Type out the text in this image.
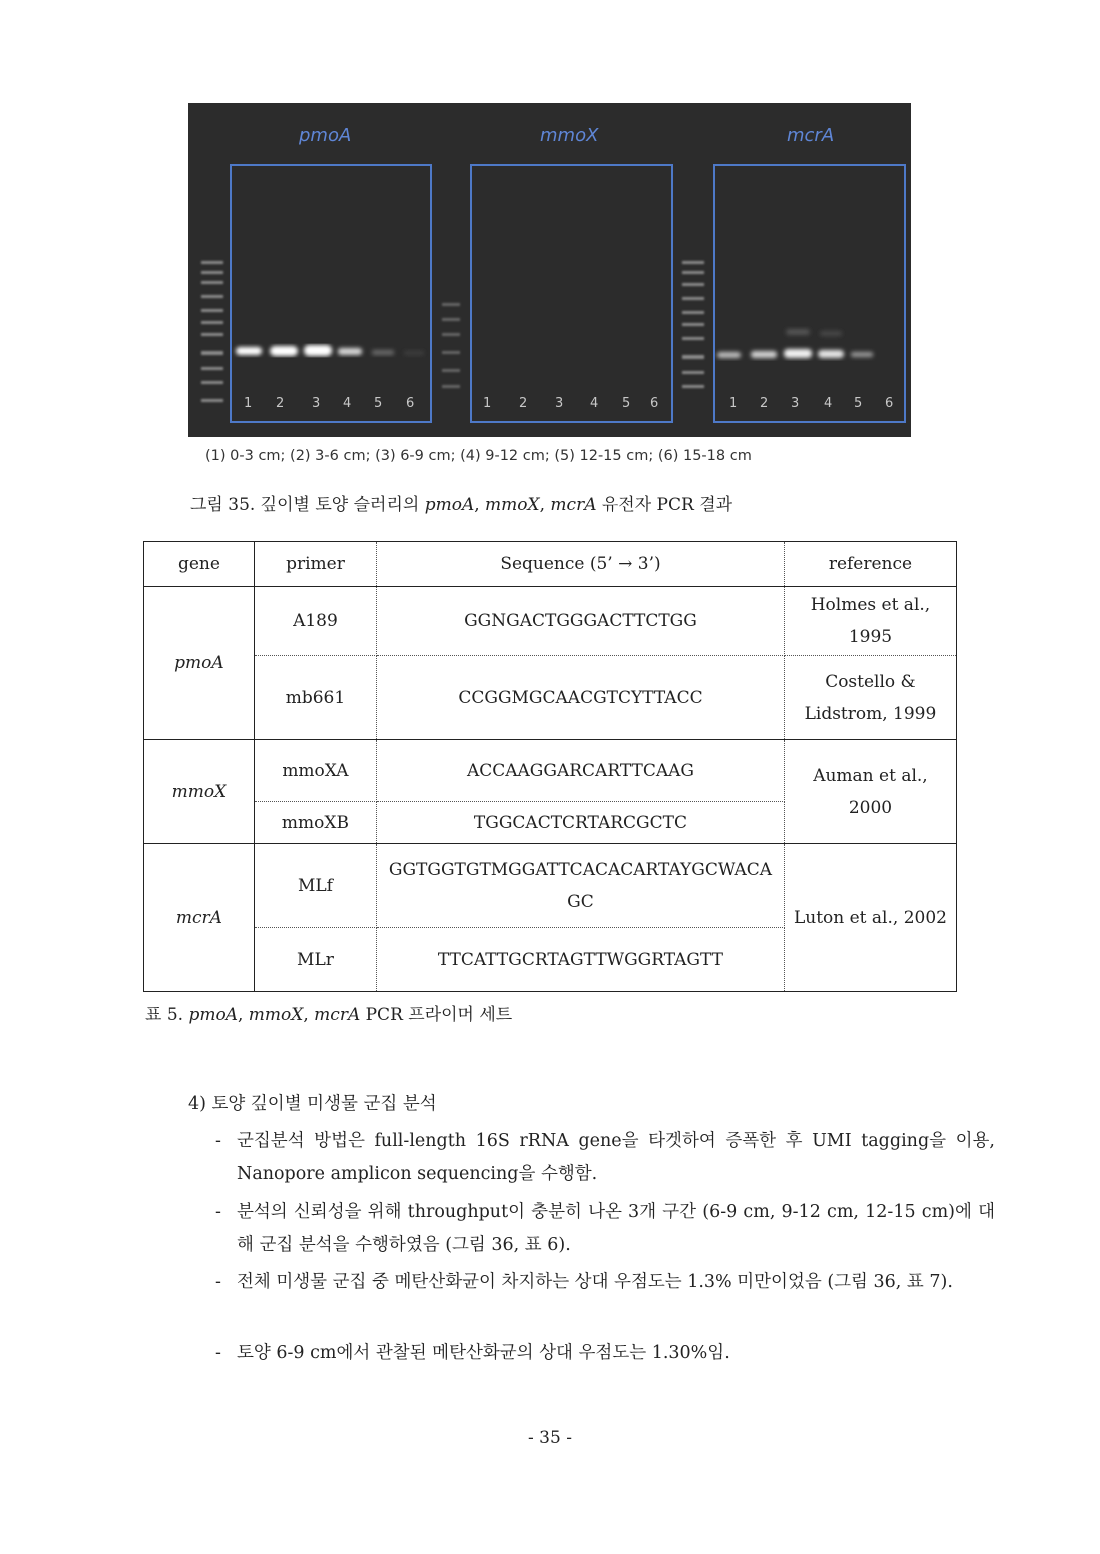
pmoA	mmoX	mcrA
1 2 3 4 5 6	1 2 3 4 5 6	1 2 3 4 5 6
(1) 0-3 cm; (2) 3-6 cm; (3) 6-9 cm; (4) 9-12 cm; (5) 12-15 cm; (6) 15-18 cm
그림 35. 깊이별 토양 슬러리의 pmoA, mmoX, mcrA 유전자 PCR 결과
gene	primer	Sequence (5’ → 3’)	reference
pmoA	A189	GGNGACTGGGACTTCTGG	Holmes et al., 1995
	mb661	CCGGMGCAACGTCYTTACC	Costello & Lidstrom, 1999
mmoX	mmoXA	ACCAAGGARCARTTCAAG	Auman et al., 2000
	mmoXB	TGGCACTCRTARCGCTC	
mcrA	MLf	GGTGGTGTMGGATTCACACARTAYGCWACAGC	Luton et al., 2002
	MLr	TTCATTGCRTAGTTWGGRTAGTT	
표 5. pmoA, mmoX, mcrA PCR 프라이머 세트
4) 토양 깊이별 미생물 군집 분석
- 군집분석 방법은 full-length 16S rRNA gene을 타겟하여 증폭한 후 UMI tagging을 이용, Nanopore amplicon sequencing을 수행함.
- 분석의 신뢰성을 위해 throughput이 충분히 나온 3개 구간 (6-9 cm, 9-12 cm, 12-15 cm)에 대해 군집 분석을 수행하였음 (그림 36, 표 6).
- 전체 미생물 군집 중 메탄산화균이 차지하는 상대 우점도는 1.3% 미만이었음 (그림 36, 표 7).
- 토양 6-9 cm에서 관찰된 메탄산화균의 상대 우점도는 1.30%임.
- 35 -
